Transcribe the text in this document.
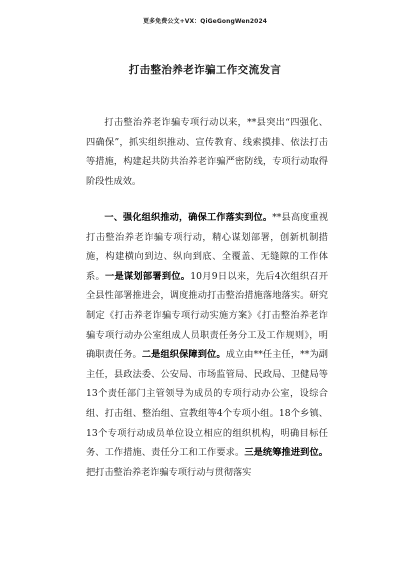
更多免费公文+VX：QiGeGongWen2024
打击整治养老诈骗工作交流发言

打击整治养老诈骗专项行动以来，**县突出“四强化、四确保”，抓实组织推动、宣传教育、线索摸排、依法打击等措施，构建起共防共治养老诈骗严密防线，专项行动取得阶段性成效。

一、强化组织推动，确保工作落实到位。**县高度重视打击整治养老诈骗专项行动，精心谋划部署，创新机制措施，构建横向到边、纵向到底、全覆盖、无缝隙的工作体系。一是谋划部署到位。10月9日以来，先后4次组织召开全县性部署推进会，调度推动打击整治措施落地落实。研究制定《打击养老诈骗专项行动实施方案》《打击整治养老诈骗专项行动办公室组成人员职责任务分工及工作规则》，明确职责任务。二是组织保障到位。成立由**任主任，**为副主任，县政法委、公安局、市场监管局、民政局、卫健局等13个责任部门主管领导为成员的专项行动办公室，设综合组、打击组、整治组、宣教组等4个专项小组。18个乡镇、13个专项行动成员单位设立相应的组织机构，明确目标任务、工作措施、责任分工和工作要求。三是统筹推进到位。把打击整治养老诈骗专项行动与贯彻落实
